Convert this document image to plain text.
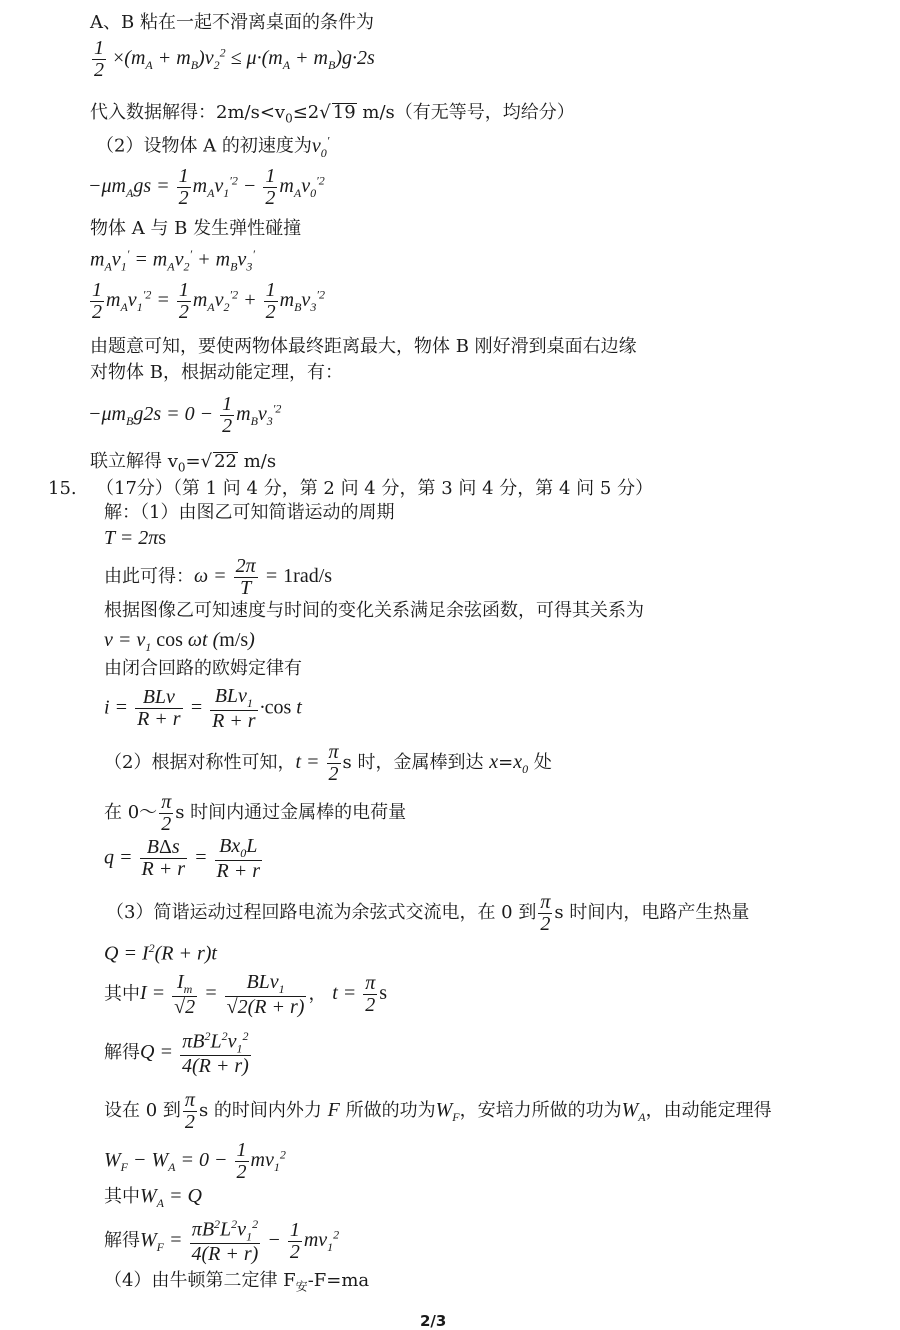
A、B 粘在一起不滑离桌面的条件为
$\frac{1}{2} \times(m_A + m_B)v_2^2 \le \mu\cdot(m_A + m_B)g\cdot 2s$
代入数据解得：$2m/s<v_0\le 2√$ 19 m/s（有无等号，均给分）
（2）设物体 A 的初速度为$v_0'$
$-\mu m_Ags = \frac{1}{2} m_Av_1^{'2} - \frac{1}{2} m_Av_0^{'2}$
物体 A 与 B 发生弹性碰撞
$m_Av_1' = m_Av_2' + m_Bv_3'$
$\frac{1}{2} m_Av_1^{'2} = \frac{1}{2} m_Av_2^{'2} + \frac{1}{2} m_Bv_3^{'2}$
由题意可知，要使两物体最终距离最大，物体 B 刚好滑到桌面右边缘
对物体 B，根据动能定理，有：
$-\mu m_Bg2s = 0 - \frac{1}{2} m_Bv_3^{'2}$
联立解得 $v_0=√$ 22 m/s
15. （17分）（第 1 问 4 分，第 2 问 4 分，第 3 问 4 分，第 4 问 5 分）
解：（1）由图乙可知简谐运动的周期
T = 2πs
由此可得：$\omega = \frac{2\pi}{T} = 1rad/s$
根据图像乙可知速度与时间的变化关系满足余弦函数，可得其关系为
$v = v_1$ cos ωt (m/s)
由闭合回路的欧姆定律有
$i = \frac{\text{BLv}}{R + r} = \frac{BLv_1}{R + r} \cdot\cos$ t
（2）根据对称性可知，$t = \frac{\pi}{2}$ s 时，金属棒到达 $x=x_0$ 处
在 0～ $\frac{\pi}{2}$ s 时间内通过金属棒的电荷量
$q = \frac{\text{BΔs}}{R + r} = \frac{Bx_0L}{R + r}$
（3）简谐运动过程回路电流为余弦式交流电，在 0 到 $\frac{\pi}{2}$ s 时间内，电路产生热量
$Q = I^2(R + r)t$
其中$I = \frac{I_m}{√2} = \frac{BLv_1}{√2(R + r)}$ ， $t = \frac{\pi}{2}$ s
解得$Q = \frac{\pi B^2L^2v_1^2}{4(R + r)}$
设在 0 到 $\frac{\pi}{2}$ s 的时间内外力 F 所做的功为$W_F$，安培力所做的功为$W_A$，由动能定理得
$W_F - W_A = 0 - \frac{1}{2} mv_1^2$
其中$W_A = Q$
解得$W_F = \frac{\pi B^2L^2v_1^2}{4(R + r)} - \frac{1}{2} mv_1^2$
（4）由牛顿第二定律 $F_安-F=ma$
2/3
